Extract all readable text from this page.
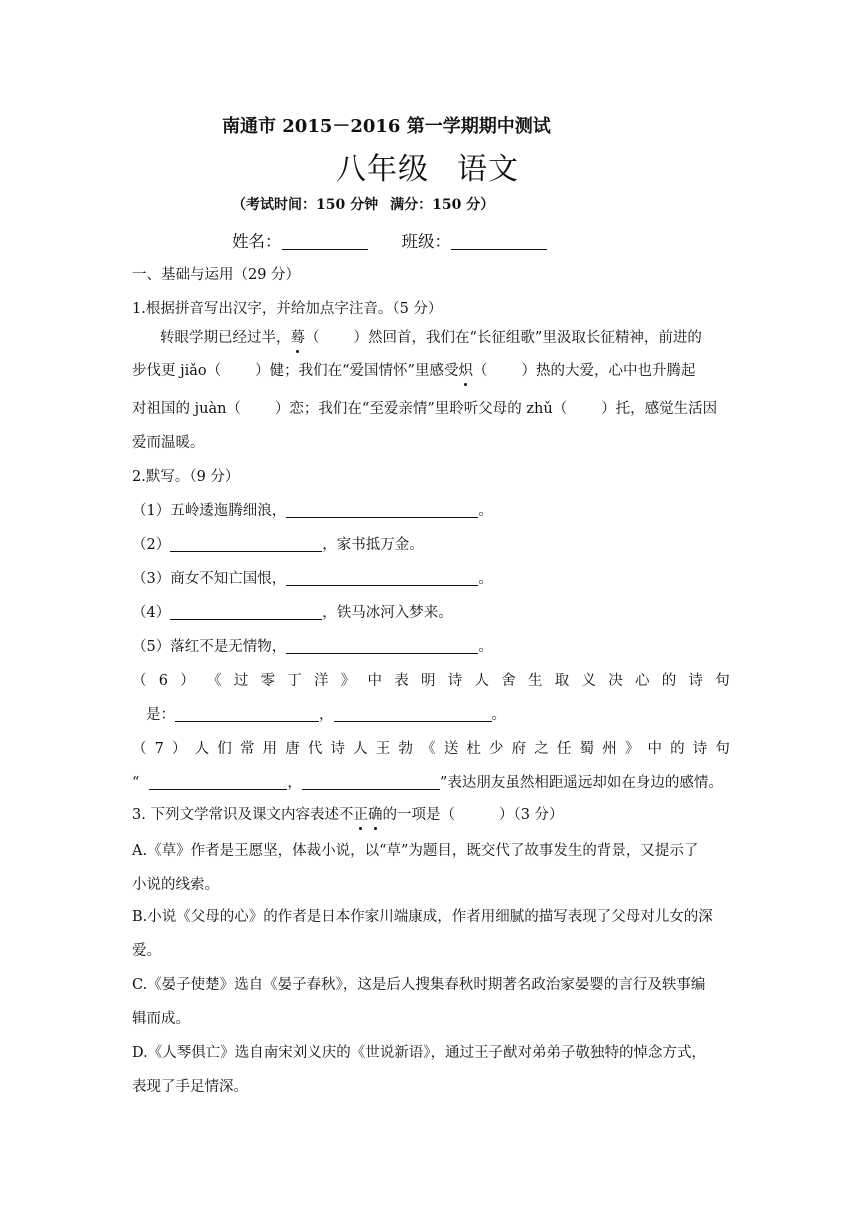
南通市 2015－2016 第一学期期中测试
八年级 语文
（考试时间：150 分钟 满分：150 分）
姓名：	班级：
一、基础与运用（29 分）
1.根据拼音写出汉字，并给加点字注音。（5 分）
转眼学期已经过半，蓦（ ）然回首，我们在“长征组歌”里汲取长征精神，前进的
步伐更 jiǎo（ ）健；我们在“爱国情怀”里感受炽（ ）热的大爱，心中也升腾起
对祖国的 juàn（ ）恋；我们在“至爱亲情”里聆听父母的 zhǔ（ ）托，感觉生活因
爱而温暖。
2.默写。（9 分）
（1）五岭逶迤腾细浪，	。
（2）	，家书抵万金。
（3）商女不知亡国恨，	。
（4）	，铁马冰河入梦来。
（5）落红不是无情物，	。
（ 6 ） 《 过 零 丁 洋 》 中 表 明 诗 人 舍 生 取 义 决 心 的 诗 句
是：	，	。
（ 7 ） 人 们 常 用 唐 代 诗 人 王 勃 《 送 杜 少 府 之 任 蜀 州 》 中 的 诗 句
“	，	”表达朋友虽然相距遥远却如在身边的感情。
3. 下列文学常识及课文内容表述不正确的一项是（	）（3 分）
A.《草》作者是王愿坚，体裁小说，以“草”为题目，既交代了故事发生的背景，又提示了
小说的线索。
B.小说《父母的心》的作者是日本作家川端康成，作者用细腻的描写表现了父母对儿女的深
爱。
C.《晏子使楚》选自《晏子春秋》，这是后人搜集春秋时期著名政治家晏婴的言行及轶事编
辑而成。
D.《人琴俱亡》选自南宋刘义庆的《世说新语》，通过王子猷对弟弟子敬独特的悼念方式，
表现了手足情深。
